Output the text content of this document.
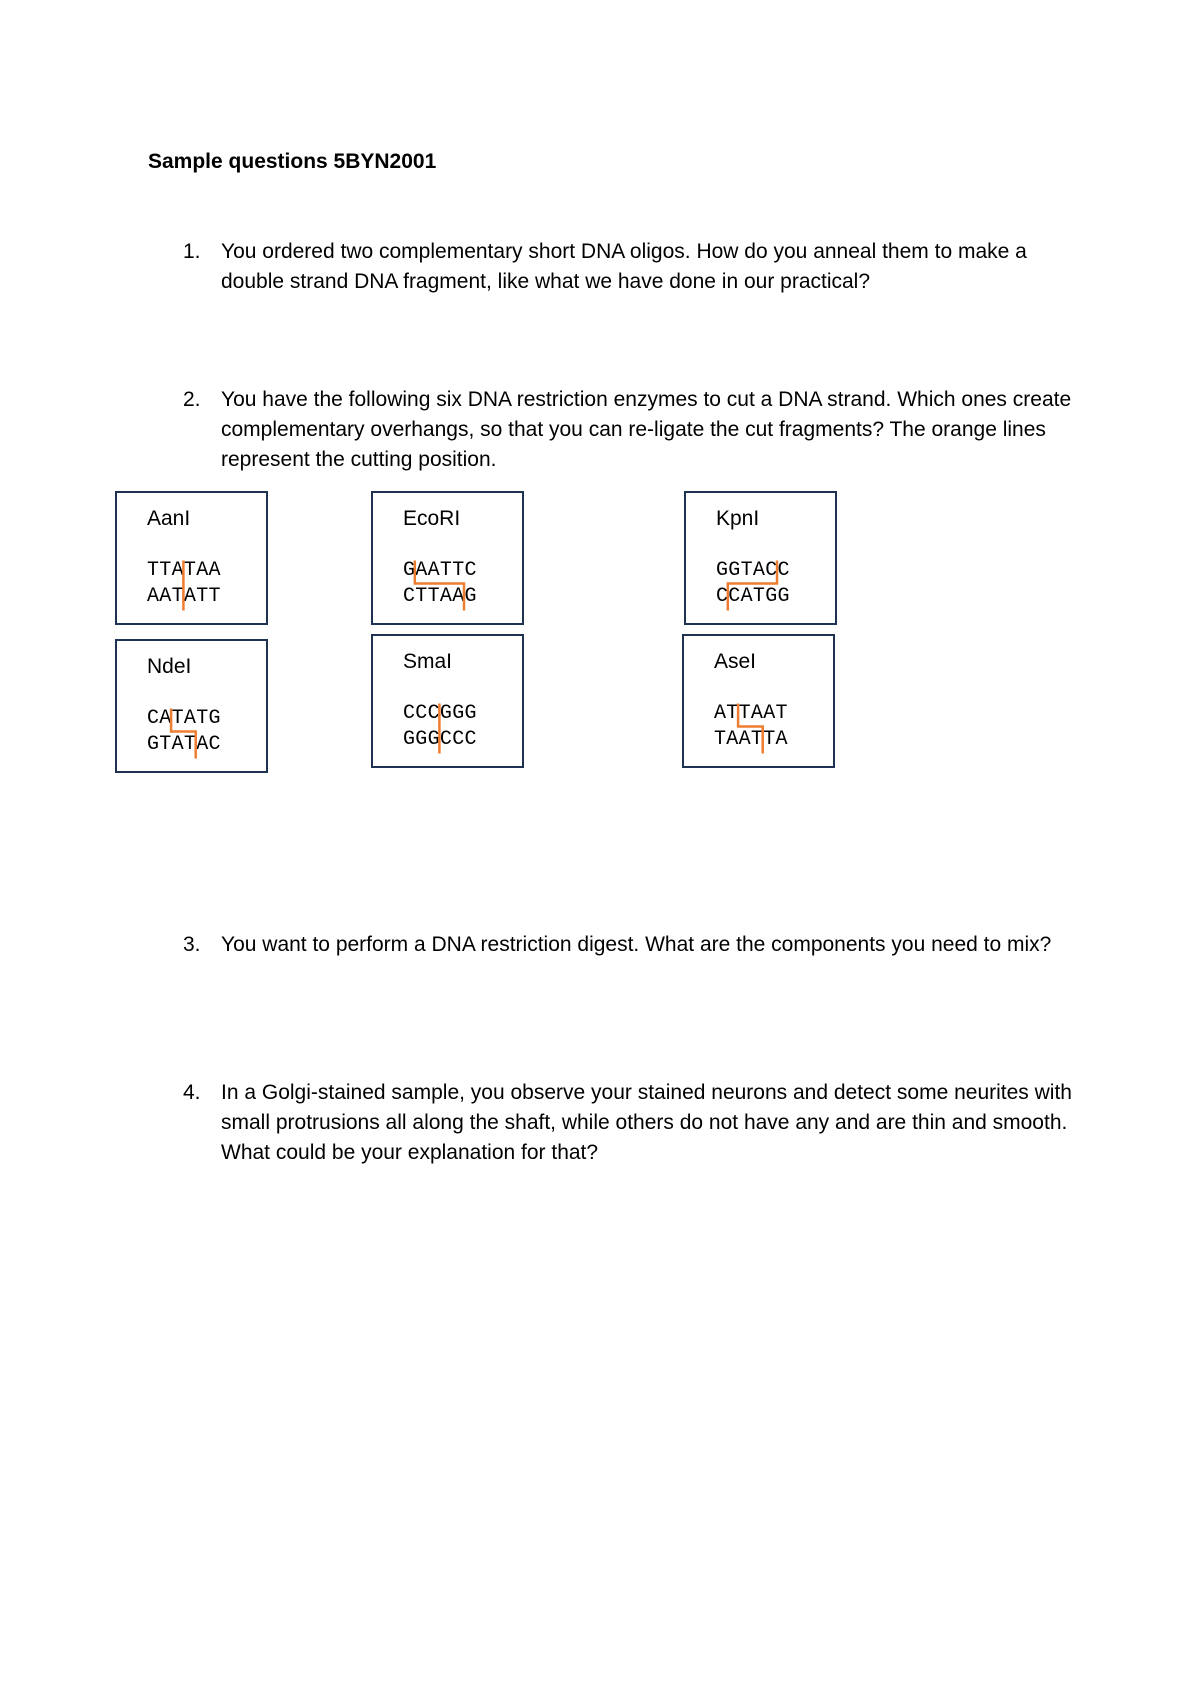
Sample questions 5BYN2001
1. You ordered two complementary short DNA oligos. How do you anneal them to make a double strand DNA fragment, like what we have done in our practical?
2. You have the following six DNA restriction enzymes to cut a DNA strand. Which ones create complementary overhangs, so that you can re-ligate the cut fragments? The orange lines represent the cutting position.
AanI
TTATAA
AATATT
EcoRI
GAATTC
CTTAAG
KpnI
GGTACC
CCATGG
NdeI
CATATG
GTATAC
SmaI
CCCGGG
GGGCCC
AseI
ATTAAT
TAATTA
3. You want to perform a DNA restriction digest. What are the components you need to mix?
4. In a Golgi-stained sample, you observe your stained neurons and detect some neurites with small protrusions all along the shaft, while others do not have any and are thin and smooth. What could be your explanation for that?
